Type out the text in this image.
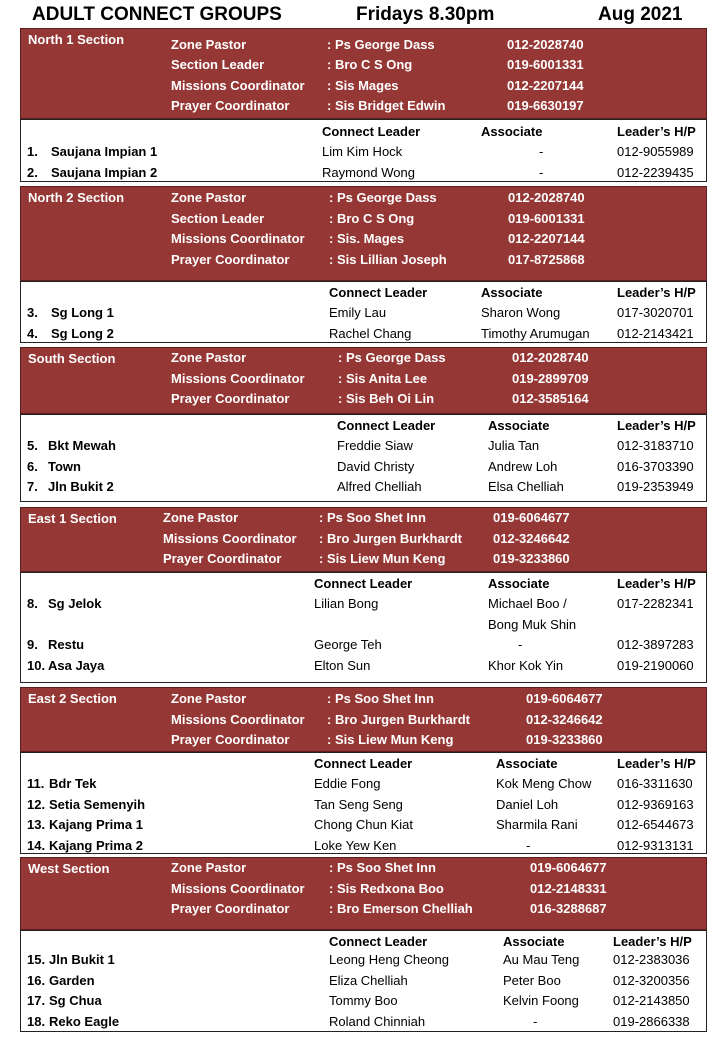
ADULT CONNECT GROUPS	Fridays 8.30pm	Aug 2021
North 1 Section	Zone Pastor	: Ps George Dass	012-2028740
Section Leader	: Bro C S Ong	019-6001331
Missions Coordinator : Sis Mages	012-2207144
Prayer Coordinator	: Sis Bridget Edwin	019-6630197
Connect Leader	Associate	Leader’s H/P
1. Saujana Impian 1	Lim Kim Hock	-	012-9055989
2. Saujana Impian 2	Raymond Wong	-	012-2239435
North 2 Section	Zone Pastor	: Ps George Dass	012-2028740
Section Leader	: Bro C S Ong	019-6001331
Missions Coordinator : Sis. Mages	012-2207144
Prayer Coordinator	: Sis Lillian Joseph	017-8725868
Connect Leader	Associate	Leader’s H/P
3. Sg Long 1	Emily Lau	Sharon Wong	017-3020701
4. Sg Long 2	Rachel Chang	Timothy Arumugan 012-2143421
South Section	Zone Pastor	: Ps George Dass	012-2028740
Missions Coordinator	: Sis Anita Lee	019-2899709
Prayer Coordinator	: Sis Beh Oi Lin	012-3585164
Connect Leader	Associate	Leader’s H/P
5. Bkt Mewah	Freddie Siaw	Julia Tan	012-3183710
6. Town	David Christy	Andrew Loh	016-3703390
7. Jln Bukit 2	Alfred Chelliah	Elsa Chelliah	019-2353949
East 1 Section	Zone Pastor	: Ps Soo Shet Inn	019-6064677
Missions Coordinator : Bro Jurgen Burkhardt 012-3246642
Prayer Coordinator	: Sis Liew Mun Keng	019-3233860
Connect Leader	Associate	Leader’s H/P
8. Sg Jelok	Lilian Bong	Michael Boo /	017-2282341
Bong Muk Shin
9. Restu	George Teh	-	012-3897283
10. Asa Jaya	Elton Sun	Khor Kok Yin	019-2190060
East 2 Section	Zone Pastor	: Ps Soo Shet Inn	019-6064677
Missions Coordinator : Bro Jurgen Burkhardt	012-3246642
Prayer Coordinator	: Sis Liew Mun Keng	019-3233860
Connect Leader	Associate	Leader’s H/P
11. Bdr Tek	Eddie Fong	Kok Meng Chow 016-3311630
12. Setia Semenyih	Tan Seng Seng	Daniel Loh	012-9369163
13. Kajang Prima 1	Chong Chun Kiat	Sharmila Rani	012-6544673
14. Kajang Prima 2	Loke Yew Ken	-	012-9313131
West Section	Zone Pastor	: Ps Soo Shet Inn	019-6064677
Missions Coordinator : Sis Redxona Boo	012-2148331
Prayer Coordinator	: Bro Emerson Chelliah	016-3288687
Connect Leader	Associate	Leader’s H/P
15. Jln Bukit 1	Leong Heng Cheong	Au Mau Teng	012-2383036
16. Garden	Eliza Chelliah	Peter Boo	012-3200356
17. Sg Chua	Tommy Boo	Kelvin Foong	012-2143850
18. Reko Eagle	Roland Chinniah	-	019-2866338
